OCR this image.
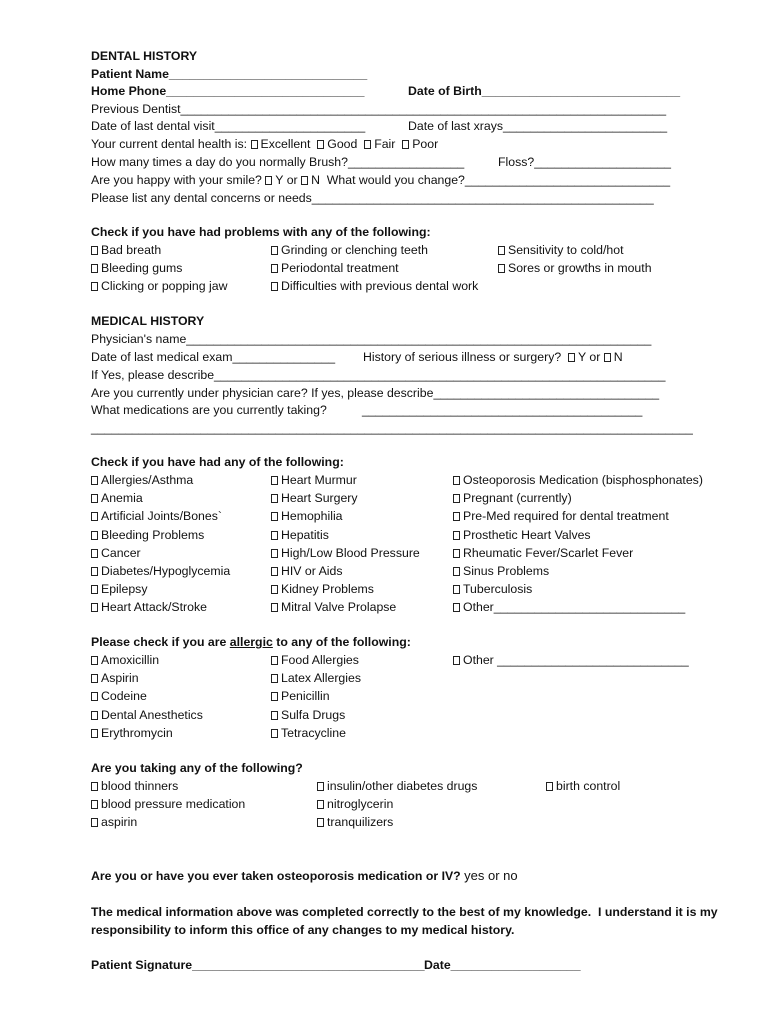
DENTAL HISTORY
Patient Name_____________________________
Home Phone_____________________________	Date of Birth_____________________________
Previous Dentist_______________________________________________________________________
Date of last dental visit______________________	Date of last xrays________________________
Your current dental health is: Excellent Good Fair Poor
How many times a day do you normally Brush?_________________	Floss?____________________
Are you happy with your smile? Y or N What would you change?______________________________
Please list any dental concerns or needs__________________________________________________
Check if you have had problems with any of the following:
Bad breath	Grinding or clenching teeth	Sensitivity to cold/hot
Bleeding gums	Periodontal treatment	Sores or growths in mouth
Clicking or popping jaw	Difficulties with previous dental work
MEDICAL HISTORY
Physician's name____________________________________________________________________
Date of last medical exam_______________ History of serious illness or surgery? Y or N
If Yes, please describe__________________________________________________________________
Are you currently under physician care? If yes, please describe_________________________________
What medications are you currently taking?	_________________________________________
________________________________________________________________________________________
Check if you have had any of the following:
Allergies/Asthma	Heart Murmur	Osteoporosis Medication (bisphosphonates)
Anemia	Heart Surgery	Pregnant (currently)
Artificial Joints/Bones`	Hemophilia	Pre-Med required for dental treatment
Bleeding Problems	Hepatitis	Prosthetic Heart Valves
Cancer	High/Low Blood Pressure	Rheumatic Fever/Scarlet Fever
Diabetes/Hypoglycemia	HIV or Aids	Sinus Problems
Epilepsy	Kidney Problems	Tuberculosis
Heart Attack/Stroke	Mitral Valve Prolapse	Other____________________________
Please check if you are allergic to any of the following:
Amoxicillin	Food Allergies	Other ____________________________
Aspirin	Latex Allergies
Codeine	Penicillin
Dental Anesthetics	Sulfa Drugs
Erythromycin	Tetracycline
Are you taking any of the following?
blood thinners	insulin/other diabetes drugs	birth control
blood pressure medication	nitroglycerin
aspirin	tranquilizers
Are you or have you ever taken osteoporosis medication or IV? yes or no
The medical information above was completed correctly to the best of my knowledge.  I understand it is my
responsibility to inform this office of any changes to my medical history.
Patient Signature__________________________________ Date___________________
